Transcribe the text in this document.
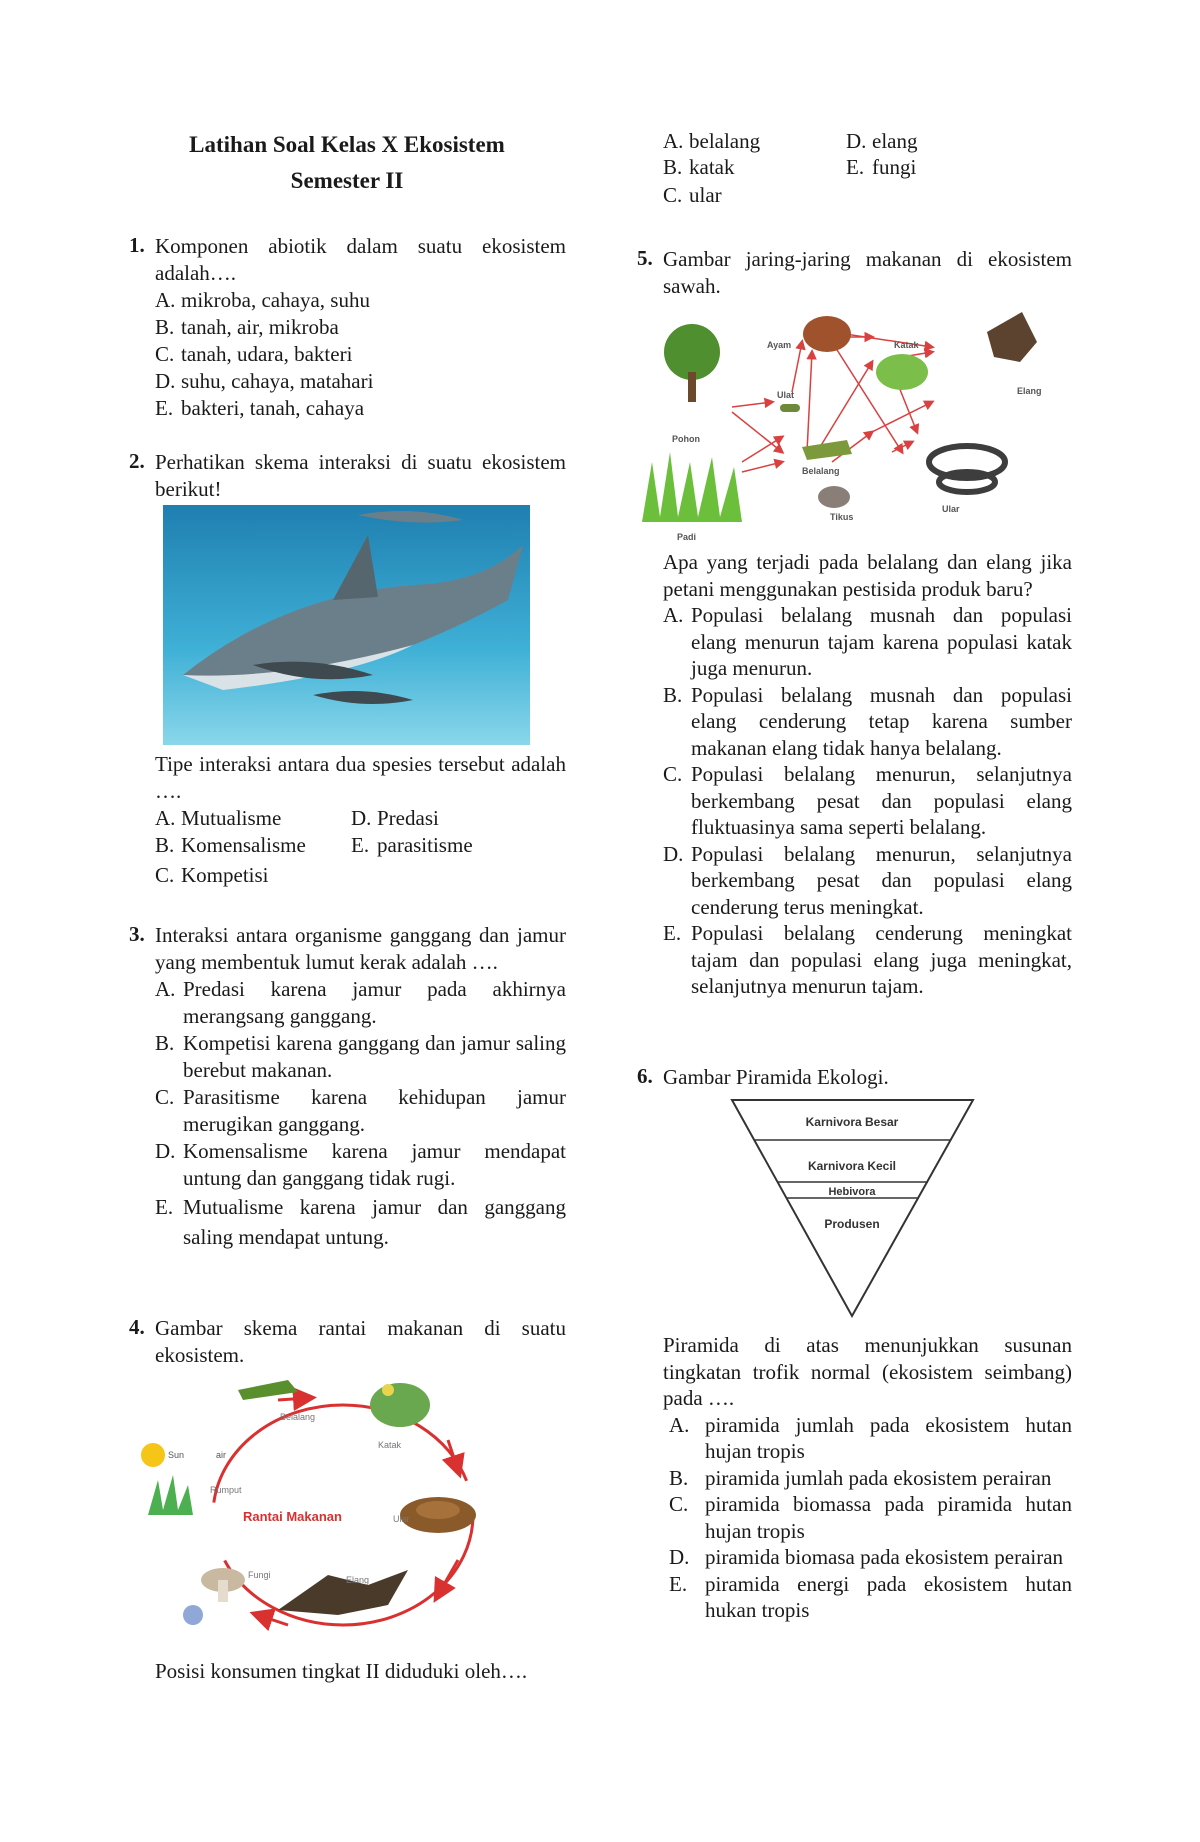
Latihan Soal Kelas X Ekosistem
Semester II
1. Komponen abiotik dalam suatu ekosistem adalah….
A. mikroba, cahaya, suhu
B. tanah, air, mikroba
C. tanah, udara, bakteri
D. suhu, cahaya, matahari
E. bakteri, tanah, cahaya
2. Perhatikan skema interaksi di suatu ekosistem berikut!
Tipe interaksi antara dua spesies tersebut adalah ….
A. Mutualisme	D. Predasi
B. Komensalisme	E. parasitisme
C. Kompetisi
3. Interaksi antara organisme ganggang dan jamur yang membentuk lumut kerak adalah ….
A. Predasi karena jamur pada akhirnya merangsang ganggang.
B. Kompetisi karena ganggang dan jamur saling berebut makanan.
C. Parasitisme karena kehidupan jamur merugikan ganggang.
D. Komensalisme karena jamur mendapat untung dan ganggang tidak rugi.
E. Mutualisme karena jamur dan ganggang saling mendapat untung.
4. Gambar skema rantai makanan di suatu ekosistem.
Sun	air
Rumput
Belalang
Katak
Ular
Rantai Makanan
Elang
Fungi
Posisi konsumen tingkat II diduduki oleh….
A. belalang	D. elang
B. katak	E. fungi
C. ular
5. Gambar jaring-jaring makanan di ekosistem sawah.
Pohon
Padi
Ayam
Ulat
Katak
Elang
Belalang
Tikus
Ular
Apa yang terjadi pada belalang dan elang jika petani menggunakan pestisida produk baru?
A. Populasi belalang musnah dan populasi elang menurun tajam karena populasi katak juga menurun.
B. Populasi belalang musnah dan populasi elang cenderung tetap karena sumber makanan elang tidak hanya belalang.
C. Populasi belalang menurun, selanjutnya berkembang pesat dan populasi elang fluktuasinya sama seperti belalang.
D. Populasi belalang menurun, selanjutnya berkembang pesat dan populasi elang cenderung terus meningkat.
E. Populasi belalang cenderung meningkat tajam dan populasi elang juga meningkat, selanjutnya menurun tajam.
6. Gambar Piramida Ekologi.
Karnivora Besar
Karnivora Kecil
Hebivora
Produsen
Piramida di atas menunjukkan susunan tingkatan trofik normal (ekosistem seimbang) pada ….
A. piramida jumlah pada ekosistem hutan hujan tropis
B. piramida jumlah pada ekosistem perairan
C. piramida biomassa pada piramida hutan hujan tropis
D. piramida biomasa pada ekosistem perairan
E. piramida energi pada ekosistem hutan hukan tropis
